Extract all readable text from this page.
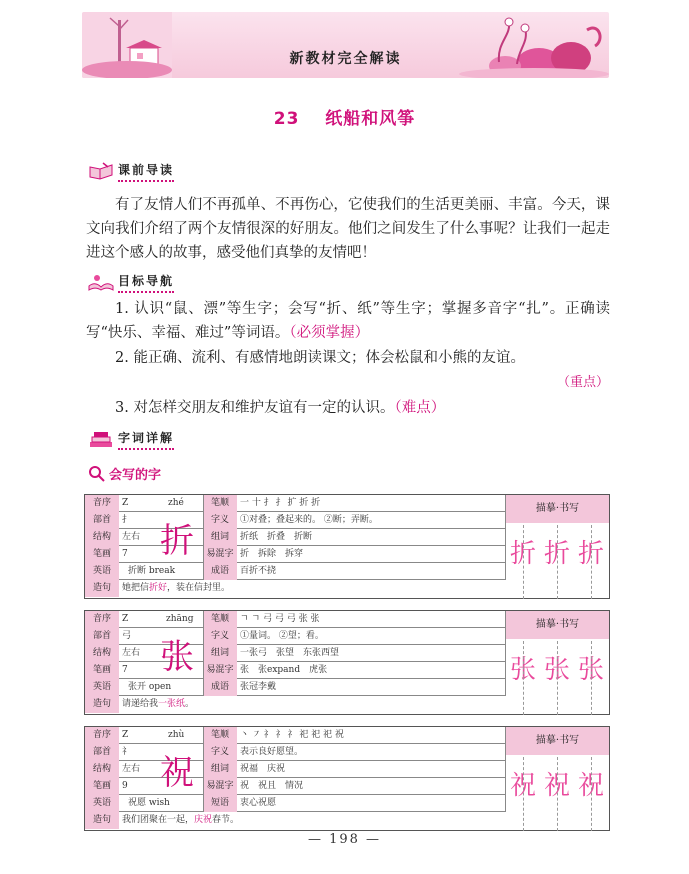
新教材完全解读
23 纸船和风筝
课前导读
有了友情人们不再孤单、不再伤心，它使我们的生活更美丽、丰富。今天，课文向我们介绍了两个友情很深的好朋友。他们之间发生了什么事呢？让我们一起走进这个感人的故事，感受他们真挚的友情吧！
目标导航
1. 认识“鼠、漂”等生字；会写“折、纸”等生字；掌握多音字“扎”。正确读写“快乐、幸福、难过”等词语。（必须掌握）
2. 能正确、流利、有感情地朗读课文；体会松鼠和小熊的友谊。
（重点）
3. 对怎样交朋友和维护友谊有一定的认识。（难点）
字词详解
会写的字
音序	Z	zhé	笔顺	一 十 扌 扌 扩 折 折
部首	扌	字义	①对叠；叠起来的。 ②断；弄断。
结构	左右	组词	折纸　折叠　折断
笔画	7	易混字 折　拆除　拆穿
英语	折断 break	成语	百折不挠
造句	她把信折好，装在信封里。
折
描摹·书写
折 折 折
音序	Z	zhāng	笔顺	ㄱ ㄱ 弓 弓 弓 张 张
部首	弓	字义	①量词。 ②望；看。
结构	左右	组词	一张弓　张望　东张西望
笔画	7	易混字 张　张expand　虎张
英语	张开 open	成语	张冠李戴
造句	请递给我一张纸。
张
描摹·书写
张 张 张
音序	Z	zhù	笔顺	丶 ㇇ 礻 礻 礻 祀 祀 祀 祝
部首	礻	字义	表示良好愿望。
结构	左右	组词	祝福　庆祝
笔画	9	易混字 祝　祝且　情况
英语	祝愿 wish	短语	衷心祝愿
造句	我们团聚在一起，庆祝春节。
祝
描摹·书写
祝 祝 祝
— 198 —
